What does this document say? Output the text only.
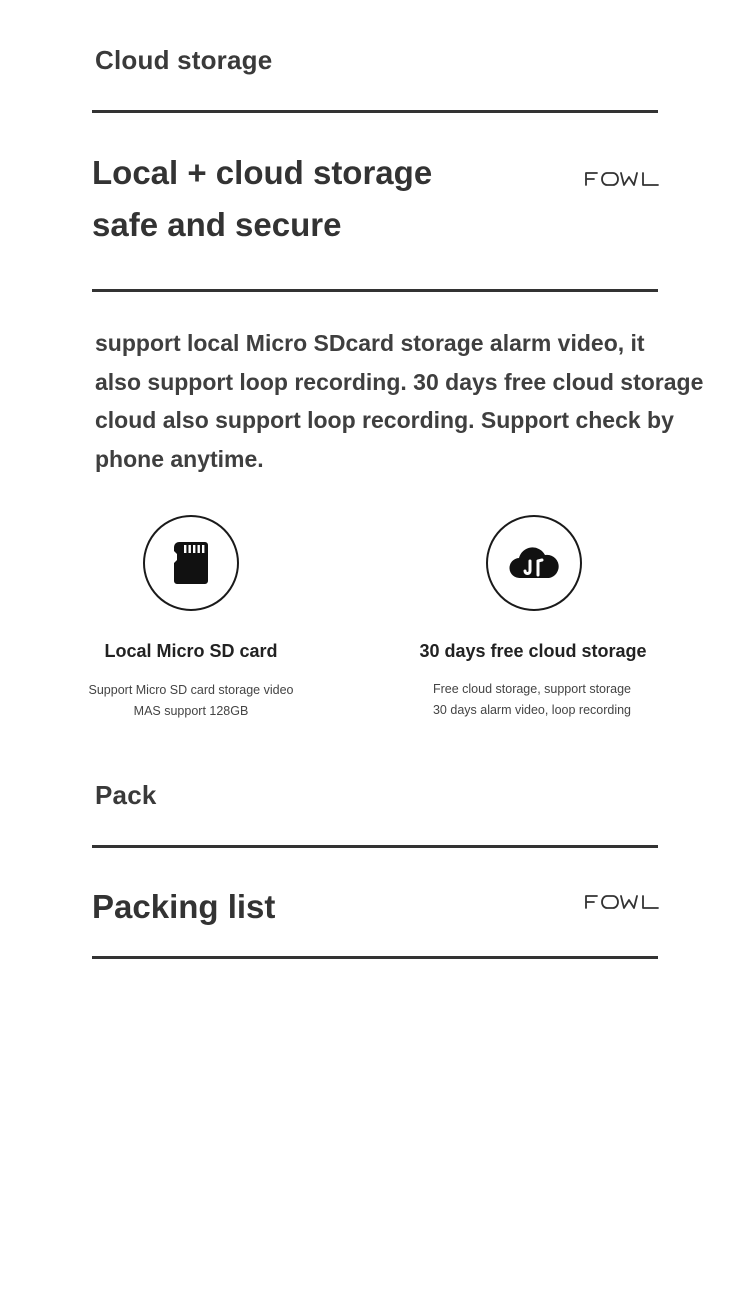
Cloud storage
Local + cloud storage
safe and secure
FOWL
support local Micro SDcard storage alarm video, it
also support loop recording. 30 days free cloud storage
cloud also support loop recording. Support check by
phone anytime.
Local Micro SD card
Support Micro SD card storage video
MAS support 128GB
30 days free cloud storage
Free cloud storage, support storage
30 days alarm video, loop recording
Pack
Packing list	FOWL
